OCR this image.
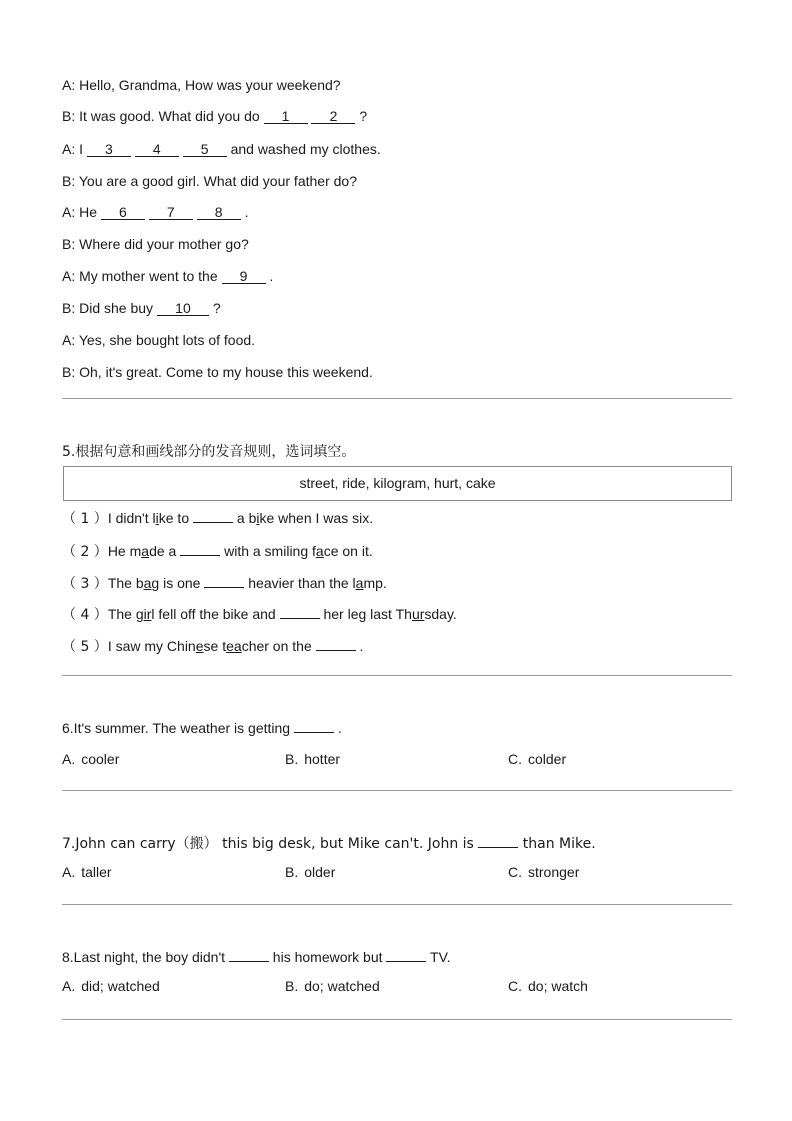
A: Hello, Grandma, How was your weekend?
B: It was good. What did you do 1	2 ?
A: I 3	4	5 and washed my clothes.
B: You are a good girl. What did your father do?
A: He 6	7	8 .
B: Where did your mother go?
A: My mother went to the 9 .
B: Did she buy 10 ?
A: Yes, she bought lots of food.
B: Oh, it's great. Come to my house this weekend.
5.根据句意和画线部分的发音规则，选词填空。
street, ride, kilogram, hurt, cake
（ 1 ）I didn't like to	a bike when I was six.
（ 2 ）He made a	with a smiling face on it.
（ 3 ）The bag is one	heavier than the lamp.
（ 4 ）The girl fell off the bike and	her leg last Thursday.
（ 5 ）I saw my Chinese teacher on the	.
6.It's summer. The weather is getting	.
A. cooler	B. hotter	C. colder
7.John can carry（搬） this big desk, but Mike can't. John is	than Mike.
A. taller	B. older	C. stronger
8.Last night, the boy didn't	his homework but	TV.
A. did; watched	B. do; watched	C. do; watch
